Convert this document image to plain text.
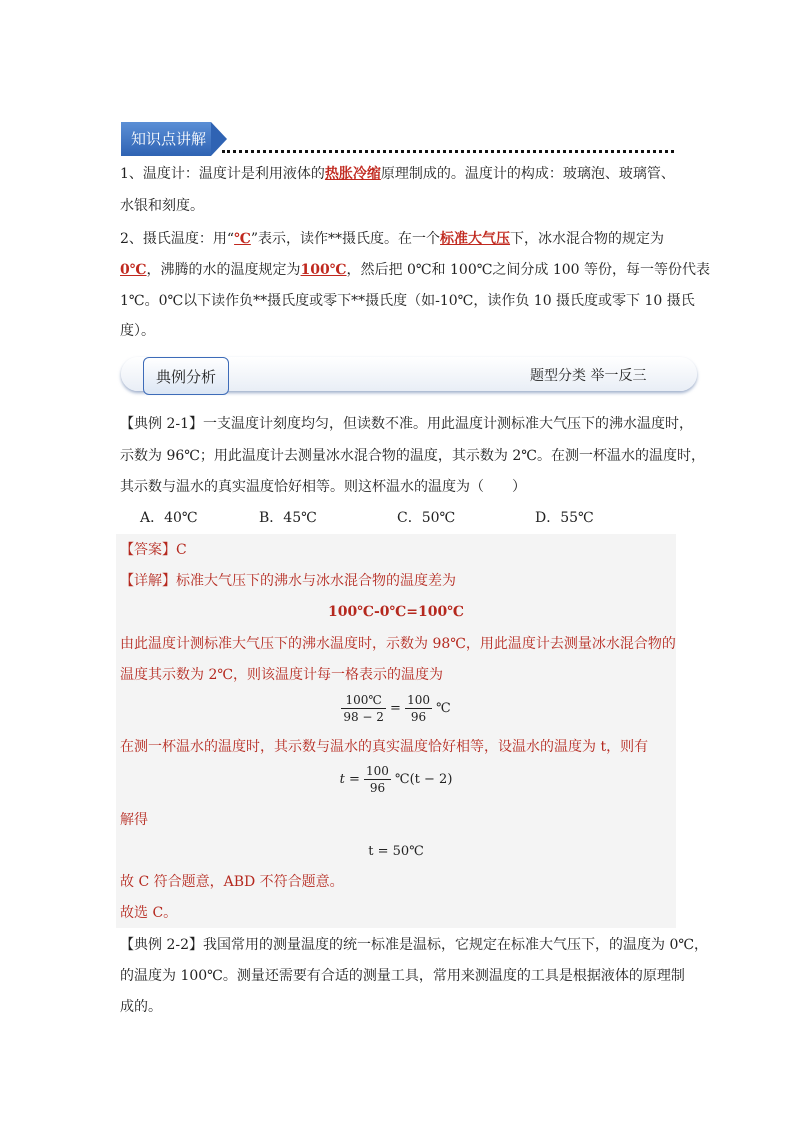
知识点讲解
1、温度计：温度计是利用液体的热胀冷缩原理制成的。温度计的构成：玻璃泡、玻璃管、
水银和刻度。
2、摄氏温度：用“℃”表示，读作**摄氏度。在一个标准大气压下，冰水混合物的规定为
0℃，沸腾的水的温度规定为100℃，然后把 0℃和 100℃之间分成 100 等份，每一等份代表
1℃。0℃以下读作负**摄氏度或零下**摄氏度（如-10℃，读作负 10 摄氏度或零下 10 摄氏
度）。
典例分析	题型分类 举一反三
【典例 2-1】一支温度计刻度均匀，但读数不准。用此温度计测标准大气压下的沸水温度时，
示数为 96℃；用此温度计去测量冰水混合物的温度，其示数为 2℃。在测一杯温水的温度时，
其示数与温水的真实温度恰好相等。则这杯温水的温度为（　　）
A．40℃	B．45℃	C．50℃	D．55℃
【答案】C
【详解】标准大气压下的沸水与冰水混合物的温度差为
100℃-0℃=100℃
由此温度计测标准大气压下的沸水温度时，示数为 98℃，用此温度计去测量冰水混合物的
温度其示数为 2℃，则该温度计每一格表示的温度为
$\frac{100℃}{98 - 2} = \frac{100}{96}$ ℃
在测一杯温水的温度时，其示数与温水的真实温度恰好相等，设温水的温度为 t，则有
$t = \frac{100}{96}$ ℃(t − 2)
解得
t = 50℃
故 C 符合题意，ABD 不符合题意。
故选 C。
【典例 2-2】我国常用的测量温度的统一标准是温标，它规定在标准大气压下，的温度为 0℃，
的温度为 100℃。测量还需要有合适的测量工具，常用来测温度的工具是根据液体的原理制
成的。
